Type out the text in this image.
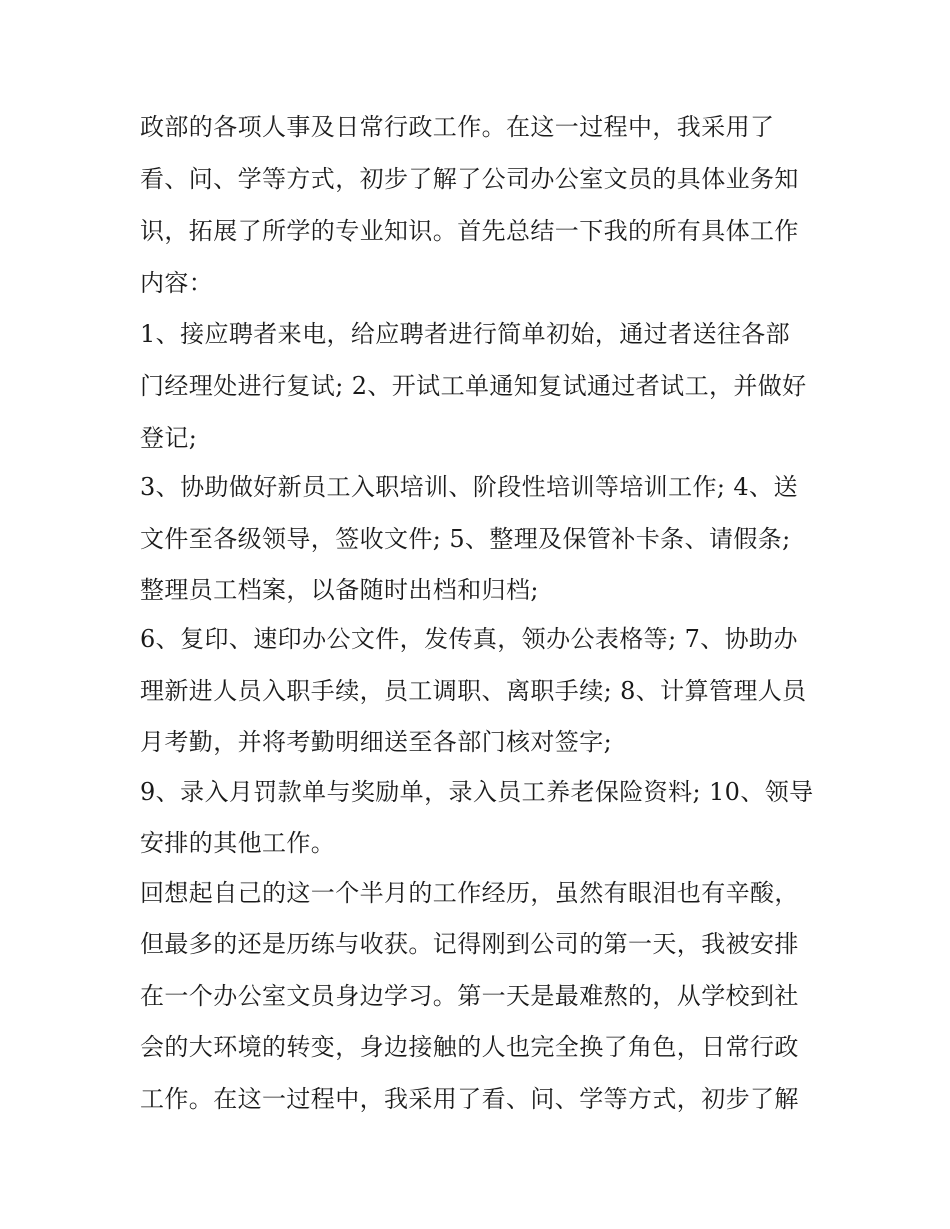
政部的各项人事及日常行政工作。在这一过程中，我采用了
看、问、学等方式，初步了解了公司办公室文员的具体业务知
识，拓展了所学的专业知识。首先总结一下我的所有具体工作
内容：
1、接应聘者来电，给应聘者进行简单初始，通过者送往各部
门经理处进行复试; 2、开试工单通知复试通过者试工，并做好
登记;
3、协助做好新员工入职培训、阶段性培训等培训工作; 4、送
文件至各级领导，签收文件; 5、整理及保管补卡条、请假条;
整理员工档案，以备随时出档和归档;
6、复印、速印办公文件，发传真，领办公表格等; 7、协助办
理新进人员入职手续，员工调职、离职手续; 8、计算管理人员
月考勤，并将考勤明细送至各部门核对签字;
9、录入月罚款单与奖励单，录入员工养老保险资料; 10、领导
安排的其他工作。
回想起自己的这一个半月的工作经历，虽然有眼泪也有辛酸，
但最多的还是历练与收获。记得刚到公司的第一天，我被安排
在一个办公室文员身边学习。第一天是最难熬的，从学校到社
会的大环境的转变，身边接触的人也完全换了角色，日常行政
工作。在这一过程中，我采用了看、问、学等方式，初步了解
